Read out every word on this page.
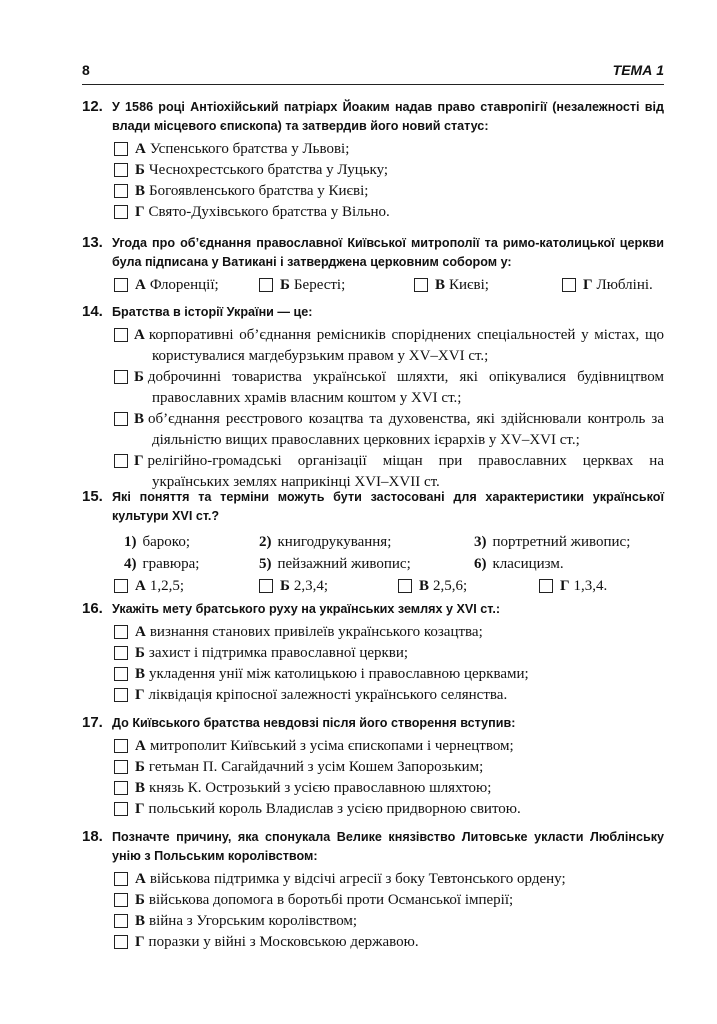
8	ТЕМА 1
12. У 1586 році Антіохійський патріарх Йоаким надав право ставропігії (незалежності від влади місцевого єпископа) та затвердив його новий статус:
А Успенського братства у Львові;
Б Чеснохрестського братства у Луцьку;
В Богоявленського братства у Києві;
Г Свято-Духівського братства у Вільно.
13. Угода про об’єднання православної Київської митрополії та римо-католицької церкви була підписана у Ватикані і затверджена церковним собором у:
А Флоренції;	Б Бересті;	В Києві;	Г Любліні.
14. Братства в історії України — це:
А корпоративні об’єднання ремісників споріднених спеціальностей у містах, що користувалися магдебурзьким правом у XV–XVI ст.;
Б доброчинні товариства української шляхти, які опікувалися будівництвом православних храмів власним коштом у XVI ст.;
В об’єднання реєстрового козацтва та духовенства, які здійснювали контроль за діяльністю вищих православних церковних ієрархів у XV–XVI ст.;
Г релігійно-громадські організації міщан при православних церквах на українських землях наприкінці XVI–XVII ст.
15. Які поняття та терміни можуть бути застосовані для характеристики української культури XVI ст.?
1) бароко;	2) книгодрукування;	3) портретний живопис;
4) гравюра;	5) пейзажний живопис;	6) класицизм.
А 1,2,5;	Б 2,3,4;	В 2,5,6;	Г 1,3,4.
16. Укажіть мету братського руху на українських землях у XVI ст.:
А визнання станових привілеїв українського козацтва;
Б захист і підтримка православної церкви;
В укладення унії між католицькою і православною церквами;
Г ліквідація кріпосної залежності українського селянства.
17. До Київського братства невдовзі після його створення вступив:
А митрополит Київський з усіма єпископами і чернецтвом;
Б гетьман П. Сагайдачний з усім Кошем Запорозьким;
В князь К. Острозький з усією православною шляхтою;
Г польський король Владислав з усією придворною свитою.
18. Позначте причину, яка спонукала Велике князівство Литовське укласти Люблінську унію з Польським королівством:
А військова підтримка у відсічі агресії з боку Тевтонського ордену;
Б військова допомога в боротьбі проти Османської імперії;
В війна з Угорським королівством;
Г поразки у війні з Московською державою.
